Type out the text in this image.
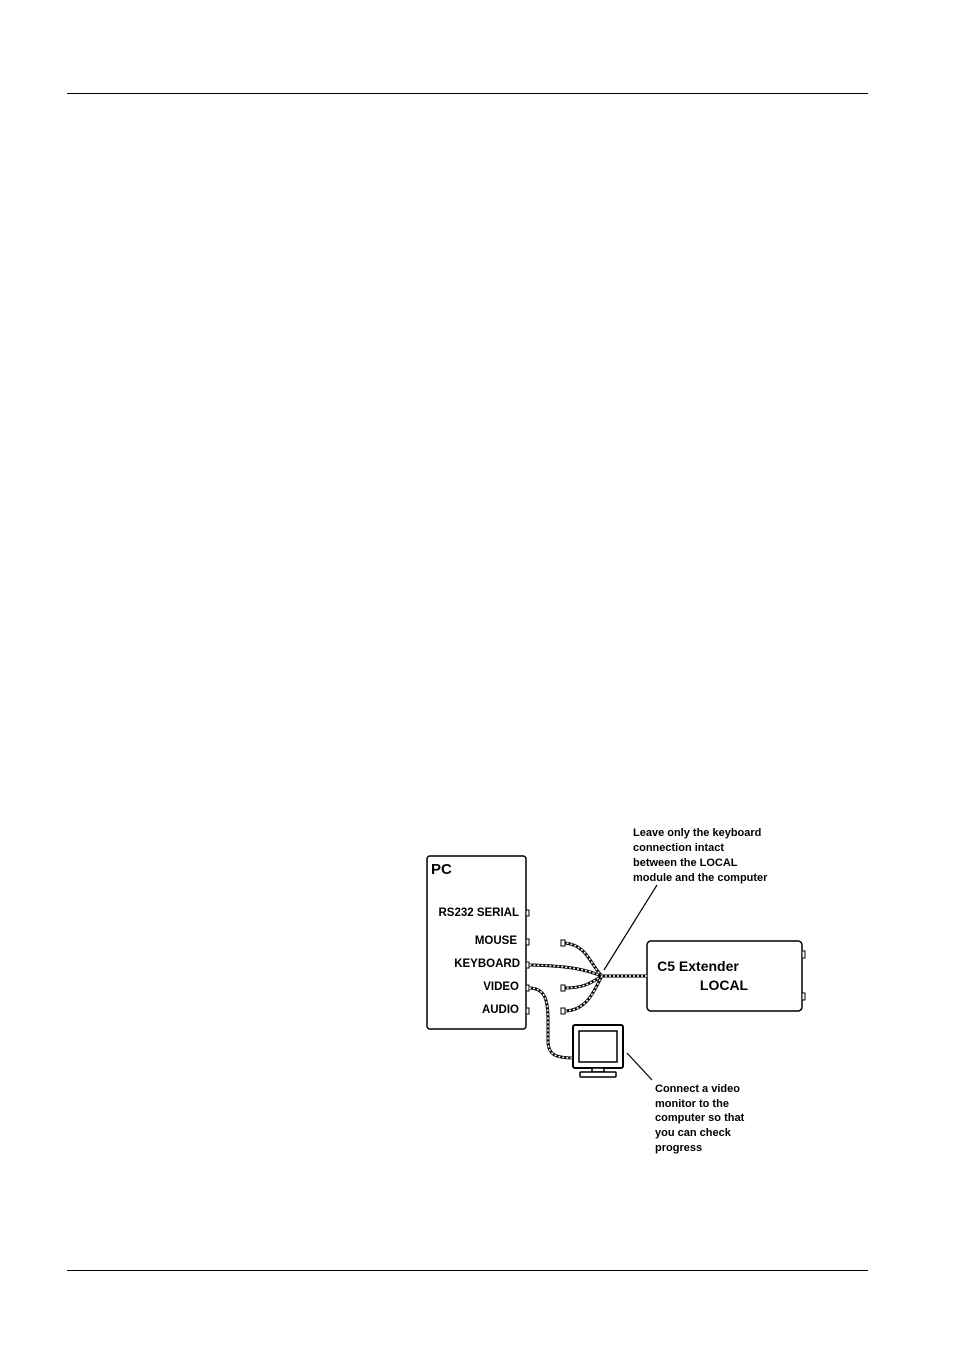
PC
RS232 SERIAL
MOUSE
KEYBOARD
VIDEO
AUDIO
C5 Extender
LOCAL
Leave only the keyboard
connection intact
between the LOCAL
module and the computer
Connect a video
monitor to the
computer so that
you can check
progress
